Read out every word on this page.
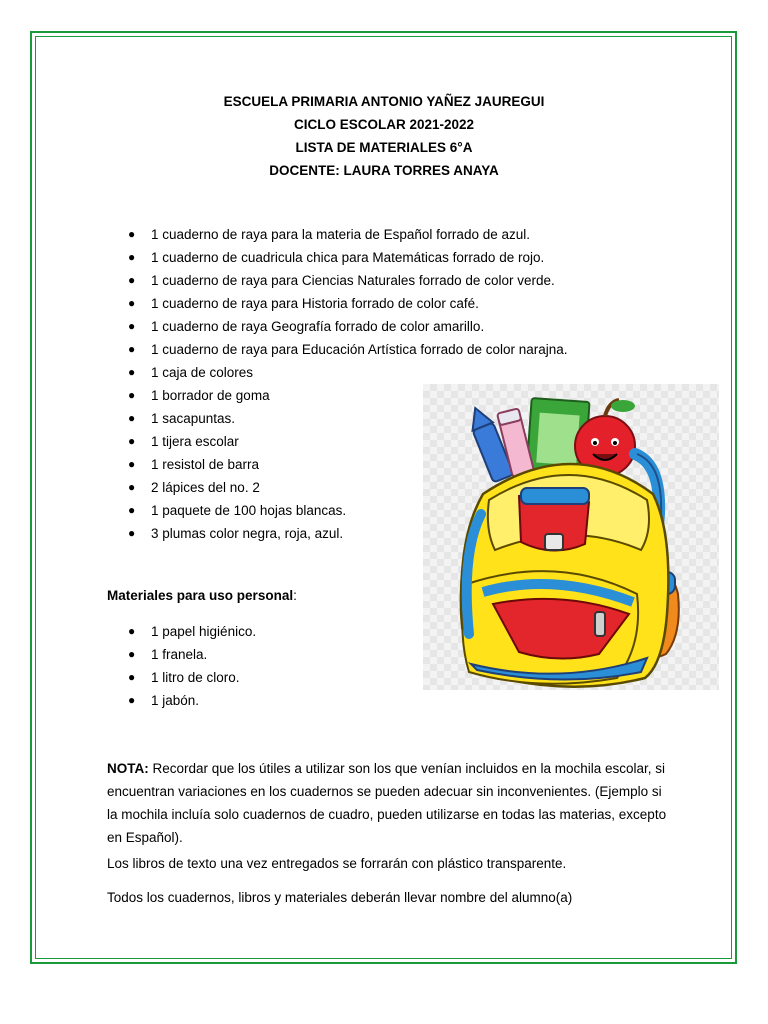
ESCUELA PRIMARIA ANTONIO YAÑEZ JAUREGUI
CICLO ESCOLAR 2021-2022
LISTA DE MATERIALES 6°A
DOCENTE: LAURA TORRES ANAYA
● 1 cuaderno de raya para la materia de Español forrado de azul.
● 1 cuaderno de cuadricula chica para Matemáticas forrado de rojo.
● 1 cuaderno de raya para Ciencias Naturales forrado de color verde.
● 1 cuaderno de raya para Historia forrado de color café.
● 1 cuaderno de raya Geografía forrado de color amarillo.
● 1 cuaderno de raya para Educación Artística forrado de color narajna.
● 1 caja de colores
● 1 borrador de goma
● 1 sacapuntas.
● 1 tijera escolar
● 1 resistol de barra
● 2 lápices del no. 2
● 1 paquete de 100 hojas blancas.
● 3 plumas color negra, roja, azul.
Materiales para uso personal:
● 1 papel higiénico.
● 1 franela.
● 1 litro de cloro.
● 1 jabón.
NOTA: Recordar que los útiles a utilizar son los que venían incluidos en la mochila escolar, si encuentran variaciones en los cuadernos se pueden adecuar sin inconvenientes. (Ejemplo si la mochila incluía solo cuadernos de cuadro, pueden utilizarse en todas las materias, excepto en Español).
Los libros de texto una vez entregados se forrarán con plástico transparente.
Todos los cuadernos, libros y materiales deberán llevar nombre del alumno(a)
